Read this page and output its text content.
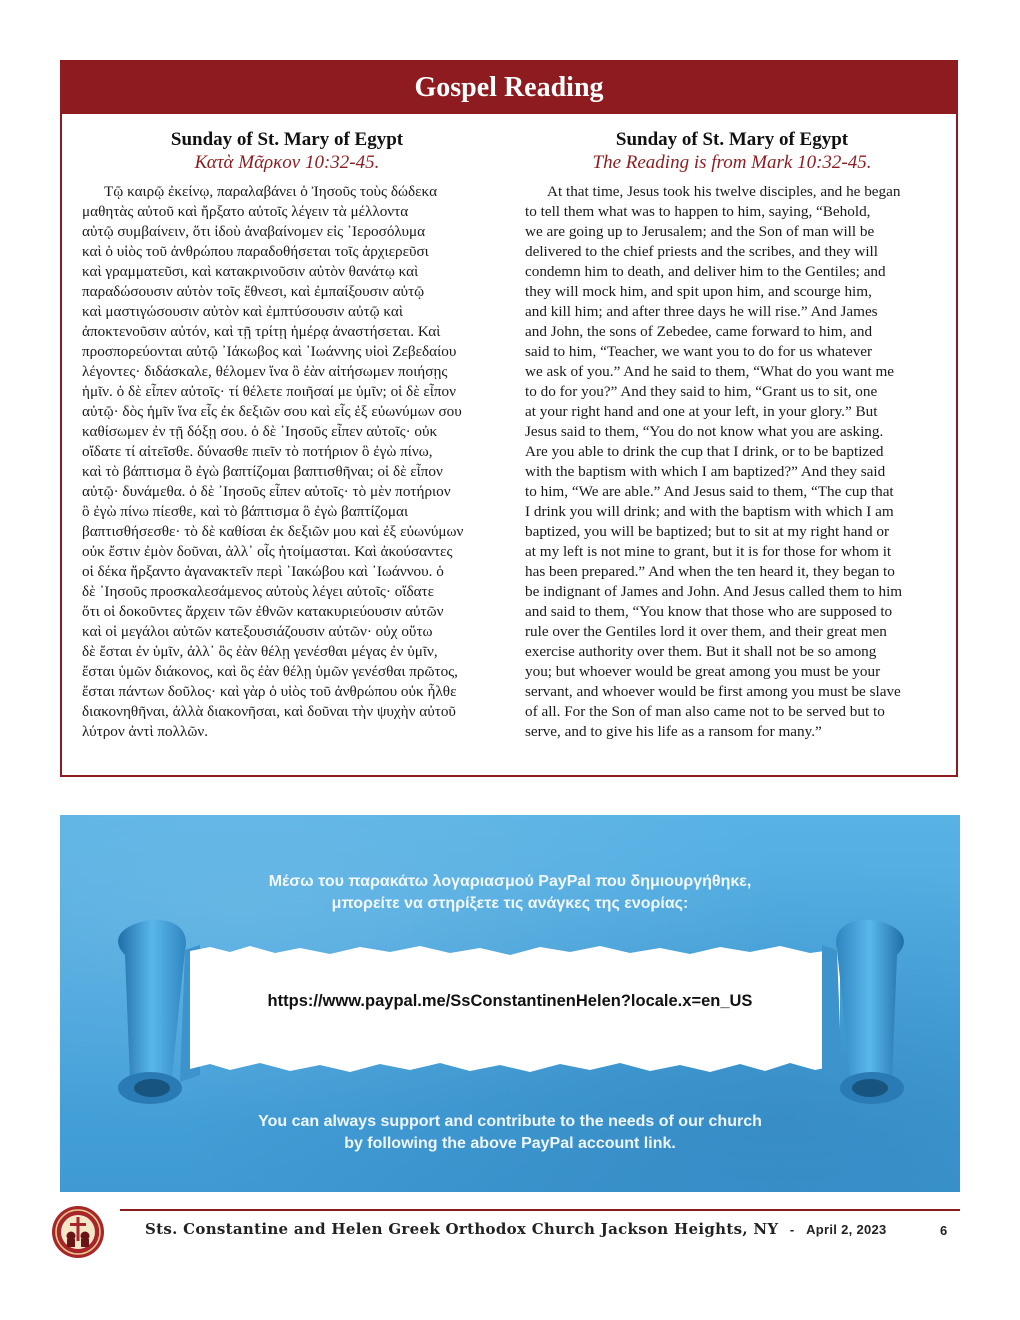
Gospel Reading
Sunday of St. Mary of Egypt
Κατὰ Μᾶρκον 10:32-45.

Τῷ καιρῷ ἐκείνῳ, παραλαβάνει ὁ Ἰησοῦς τοὺς δώδεκα
μαθητὰς αὐτοῦ καὶ ἤρξατο αὐτοῖς λέγειν τὰ μέλλοντα
αὐτῷ συμβαίνειν, ὅτι ἰδοὺ ἀναβαίνομεν εἰς ῾Ιεροσόλυμα
καὶ ὁ υἱὸς τοῦ ἀνθρώπου παραδοθήσεται τοῖς ἀρχιερεῦσι
καὶ γραμματεῦσι, καὶ κατακρινοῦσιν αὐτὸν θανάτῳ καὶ
παραδώσουσιν αὐτὸν τοῖς ἔθνεσι, καὶ ἐμπαίξουσιν αὐτῷ
καὶ μαστιγώσουσιν αὐτὸν καὶ ἐμπτύσουσιν αὐτῷ καὶ
ἀποκτενοῦσιν αὐτόν, καὶ τῇ τρίτῃ ἡμέρᾳ ἀναστήσεται. Καὶ
προσπορεύονται αὐτῷ ᾿Ιάκωβος καὶ ᾿Ιωάννης υἱοὶ Ζεβεδαίου
λέγοντες· διδάσκαλε, θέλομεν ἵνα ὃ ἐὰν αἰτήσωμεν ποιήσῃς
ἡμῖν. ὁ δὲ εἶπεν αὐτοῖς· τί θέλετε ποιῆσαί με ὑμῖν; οἱ δὲ εἶπον
αὐτῷ· δὸς ἡμῖν ἵνα εἷς ἐκ δεξιῶν σου καὶ εἷς ἐξ εὐωνύμων σου
καθίσωμεν ἐν τῇ δόξῃ σου. ὁ δὲ ᾿Ιησοῦς εἶπεν αὐτοῖς· οὐκ
οἴδατε τί αἰτεῖσθε. δύνασθε πιεῖν τὸ ποτήριον ὃ ἐγὼ πίνω,
καὶ τὸ βάπτισμα ὃ ἐγὼ βαπτίζομαι βαπτισθῆναι; οἱ δὲ εἶπον
αὐτῷ· δυνάμεθα. ὁ δὲ ᾿Ιησοῦς εἶπεν αὐτοῖς· τὸ μὲν ποτήριον
ὃ ἐγὼ πίνω πίεσθε, καὶ τὸ βάπτισμα ὃ ἐγὼ βαπτίζομαι
βαπτισθήσεσθε· τὸ δὲ καθίσαι ἐκ δεξιῶν μου καὶ ἐξ εὐωνύμων
οὐκ ἔστιν ἐμὸν δοῦναι, ἀλλ᾿ οἷς ἡτοίμασται. Καὶ ἀκούσαντες
οἱ δέκα ἤρξαντο ἀγανακτεῖν περὶ ᾿Ιακώβου καὶ ᾿Ιωάννου. ὁ
δὲ ᾿Ιησοῦς προσκαλεσάμενος αὐτοὺς λέγει αὐτοῖς· οἴδατε
ὅτι οἱ δοκοῦντες ἄρχειν τῶν ἐθνῶν κατακυριεύουσιν αὐτῶν
καὶ οἱ μεγάλοι αὐτῶν κατεξουσιάζουσιν αὐτῶν· οὐχ οὕτω
δὲ ἔσται ἐν ὑμῖν, ἀλλ᾿ ὃς ἐὰν θέλῃ γενέσθαι μέγας ἐν ὑμῖν,
ἔσται ὑμῶν διάκονος, καὶ ὃς ἐὰν θέλῃ ὑμῶν γενέσθαι πρῶτος,
ἔσται πάντων δοῦλος· καὶ γὰρ ὁ υἱὸς τοῦ ἀνθρώπου οὐκ ἦλθε
διακονηθῆναι, ἀλλὰ διακονῆσαι, καὶ δοῦναι τὴν ψυχὴν αὐτοῦ
λύτρον ἀντὶ πολλῶν.

Sunday of St. Mary of Egypt
The Reading is from Mark 10:32-45.

At that time, Jesus took his twelve disciples, and he began
to tell them what was to happen to him, saying, “Behold,
we are going up to Jerusalem; and the Son of man will be
delivered to the chief priests and the scribes, and they will
condemn him to death, and deliver him to the Gentiles; and
they will mock him, and spit upon him, and scourge him,
and kill him; and after three days he will rise.” And James
and John, the sons of Zebedee, came forward to him, and
said to him, “Teacher, we want you to do for us whatever
we ask of you.” And he said to them, “What do you want me
to do for you?” And they said to him, “Grant us to sit, one
at your right hand and one at your left, in your glory.” But
Jesus said to them, “You do not know what you are asking.
Are you able to drink the cup that I drink, or to be baptized
with the baptism with which I am baptized?” And they said
to him, “We are able.” And Jesus said to them, “The cup that
I drink you will drink; and with the baptism with which I am
baptized, you will be baptized; but to sit at my right hand or
at my left is not mine to grant, but it is for those for whom it
has been prepared.” And when the ten heard it, they began to
be indignant of James and John. And Jesus called them to him
and said to them, “You know that those who are supposed to
rule over the Gentiles lord it over them, and their great men
exercise authority over them. But it shall not be so among
you; but whoever would be great among you must be your
servant, and whoever would be first among you must be slave
of all. For the Son of man also came not to be served but to
serve, and to give his life as a ransom for many.”

Μέσω του παρακάτω λογαριασμού PayPal που δημιουργήθηκε,
μπορείτε να στηρίξετε τις ανάγκες της ενορίας:
https://www.paypal.me/SsConstantinenHelen?locale.x=en_US
You can always support and contribute to the needs of our church
by following the above PayPal account link.
Sts. Constantine and Helen Greek Orthodox Church Jackson Heights, NY - April 2, 2023	6
